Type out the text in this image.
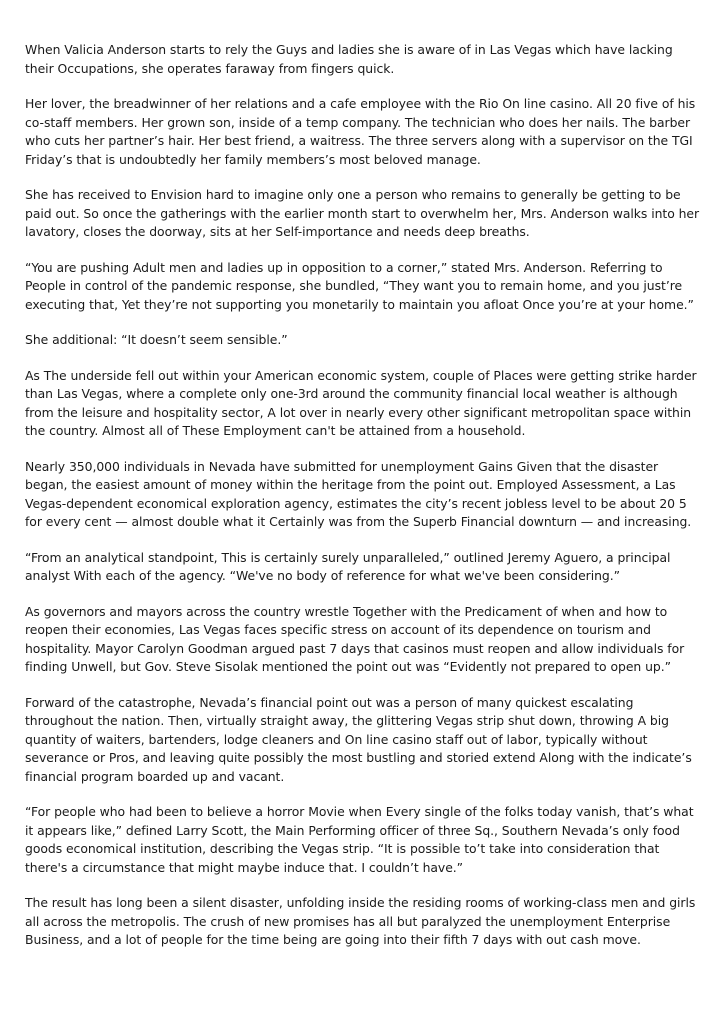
When Valicia Anderson starts to rely the Guys and ladies she is aware of in Las Vegas which have lacking their Occupations, she operates faraway from fingers quick.

Her lover, the breadwinner of her relations and a cafe employee with the Rio On line casino. All 20 five of his co-staff members. Her grown son, inside of a temp company. The technician who does her nails. The barber who cuts her partner’s hair. Her best friend, a waitress. The three servers along with a supervisor on the TGI Friday’s that is undoubtedly her family members’s most beloved manage.

She has received to Envision hard to imagine only one a person who remains to generally be getting to be paid out. So once the gatherings with the earlier month start to overwhelm her, Mrs. Anderson walks into her lavatory, closes the doorway, sits at her Self-importance and needs deep breaths.

“You are pushing Adult men and ladies up in opposition to a corner,” stated Mrs. Anderson. Referring to People in control of the pandemic response, she bundled, “They want you to remain home, and you just’re executing that, Yet they’re not supporting you monetarily to maintain you afloat Once you’re at your home.”

She additional: “It doesn’t seem sensible.”

As The underside fell out within your American economic system, couple of Places were getting strike harder than Las Vegas, where a complete only one-3rd around the community financial local weather is although from the leisure and hospitality sector, A lot over in nearly every other significant metropolitan space within the country. Almost all of These Employment can't be attained from a household.

Nearly 350,000 individuals in Nevada have submitted for unemployment Gains Given that the disaster began, the easiest amount of money within the heritage from the point out. Employed Assessment, a Las Vegas-dependent economical exploration agency, estimates the city’s recent jobless level to be about 20 5 for every cent — almost double what it Certainly was from the Superb Financial downturn — and increasing.

“From an analytical standpoint, This is certainly surely unparalleled,” outlined Jeremy Aguero, a principal analyst With each of the agency. “We've no body of reference for what we've been considering.”

As governors and mayors across the country wrestle Together with the Predicament of when and how to reopen their economies, Las Vegas faces specific stress on account of its dependence on tourism and hospitality. Mayor Carolyn Goodman argued past 7 days that casinos must reopen and allow individuals for finding Unwell, but Gov. Steve Sisolak mentioned the point out was “Evidently not prepared to open up.”

Forward of the catastrophe, Nevada’s financial point out was a person of many quickest escalating throughout the nation. Then, virtually straight away, the glittering Vegas strip shut down, throwing A big quantity of waiters, bartenders, lodge cleaners and On line casino staff out of labor, typically without severance or Pros, and leaving quite possibly the most bustling and storied extend Along with the indicate’s financial program boarded up and vacant.

“For people who had been to believe a horror Movie when Every single of the folks today vanish, that’s what it appears like,” defined Larry Scott, the Main Performing officer of three Sq., Southern Nevada’s only food goods economical institution, describing the Vegas strip. “It is possible to’t take into consideration that there's a circumstance that might maybe induce that. I couldn’t have.”

The result has long been a silent disaster, unfolding inside the residing rooms of working-class men and girls all across the metropolis. The crush of new promises has all but paralyzed the unemployment Enterprise Business, and a lot of people for the time being are going into their fifth 7 days with out cash move.
